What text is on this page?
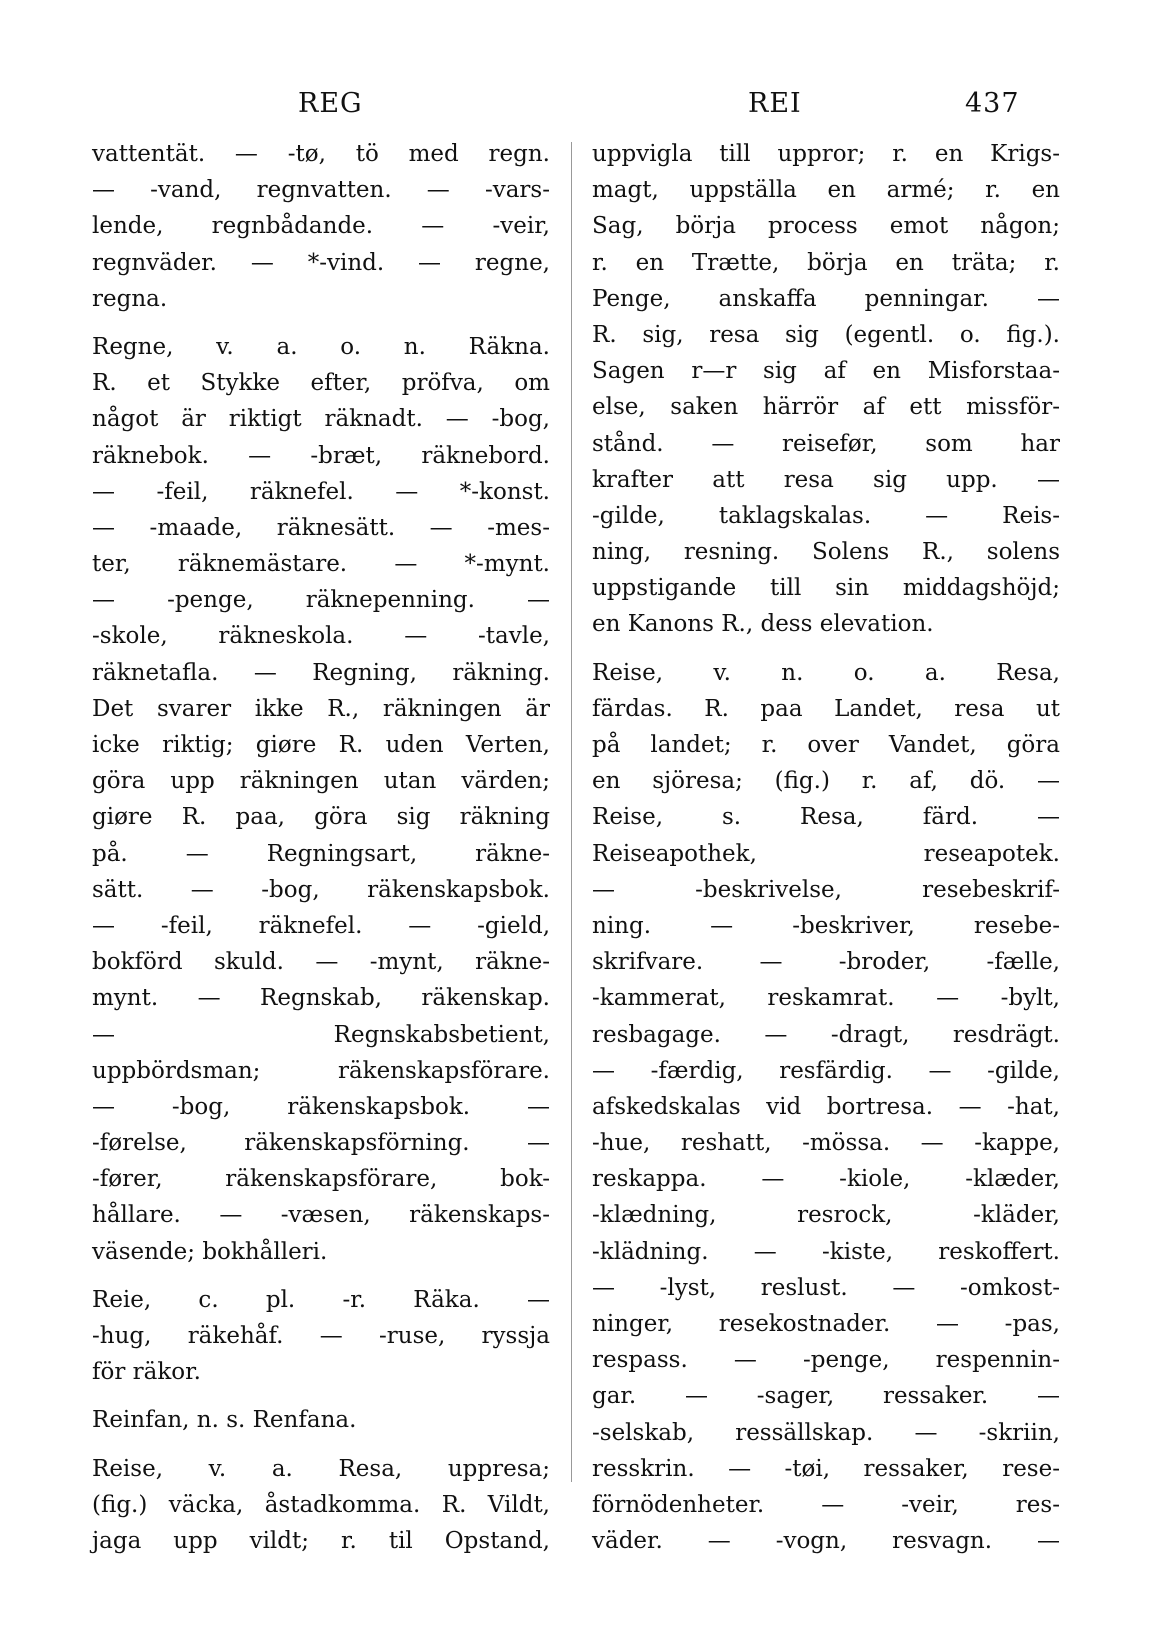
REG	REI	437
vattentät. — -tø, tö med regn.
— -vand, regnvatten. — -vars-
lende, regnbådande. — -veir,
regnväder. — *-vind. — regne,
regna.
Regne, v. a. o. n. Räkna.
R. et Stykke efter, pröfva, om
något är riktigt räknadt. — -bog,
räknebok. — -bræt, räknebord.
— -feil, räknefel. — *-konst.
— -maade, räknesätt. — -mes-
ter, räknemästare. — *-mynt.
— -penge, räknepenning. —
-skole, räkneskola. — -tavle,
räknetafla. — Regning, räkning.
Det svarer ikke R., räkningen är
icke riktig; giøre R. uden Verten,
göra upp räkningen utan värden;
giøre R. paa, göra sig räkning
på. — Regningsart, räkne-
sätt. — -bog, räkenskapsbok.
— -feil, räknefel. — -gield,
bokförd skuld. — -mynt, räkne-
mynt. — Regnskab, räkenskap.
— Regnskabsbetient,
uppbördsman; räkenskapsförare.
— -bog, räkenskapsbok. —
-førelse, räkenskapsförning. —
-fører, räkenskapsförare, bok-
hållare. — -væsen, räkenskaps-
väsende; bokhålleri.
Reie, c. pl. -r. Räka. —
-hug, räkehåf. — -ruse, ryssja
för räkor.
Reinfan, n. s. Renfana.
Reise, v. a. Resa, uppresa;
(fig.) väcka, åstadkomma. R. Vildt,
jaga upp vildt; r. til Opstand,
uppvigla till uppror; r. en Krigs-
magt, uppställa en armé; r. en
Sag, börja process emot någon;
r. en Trætte, börja en träta; r.
Penge, anskaffa penningar. —
R. sig, resa sig (egentl. o. fig.).
Sagen r—r sig af en Misforstaa-
else, saken härrör af ett missför-
stånd. — reisefør, som har
krafter att resa sig upp. —
-gilde, taklagskalas. — Reis-
ning, resning. Solens R., solens
uppstigande till sin middagshöjd;
en Kanons R., dess elevation.
Reise, v. n. o. a. Resa,
färdas. R. paa Landet, resa ut
på landet; r. over Vandet, göra
en sjöresa; (fig.) r. af, dö. —
Reise, s. Resa, färd. —
Reiseapothek, reseapotek.
— -beskrivelse, resebeskrif-
ning. — -beskriver, resebe-
skrifvare. — -broder, -fælle,
-kammerat, reskamrat. — -bylt,
resbagage. — -dragt, resdrägt.
— -færdig, resfärdig. — -gilde,
afskedskalas vid bortresa. — -hat,
-hue, reshatt, -mössa. — -kappe,
reskappa. — -kiole, -klæder,
-klædning, resrock, -kläder,
-klädning. — -kiste, reskoffert.
— -lyst, reslust. — -omkost-
ninger, resekostnader. — -pas,
respass. — -penge, respennin-
gar. — -sager, ressaker. —
-selskab, ressällskap. — -skriin,
resskrin. — -tøi, ressaker, rese-
förnödenheter. — -veir, res-
väder. — -vogn, resvagn. —
